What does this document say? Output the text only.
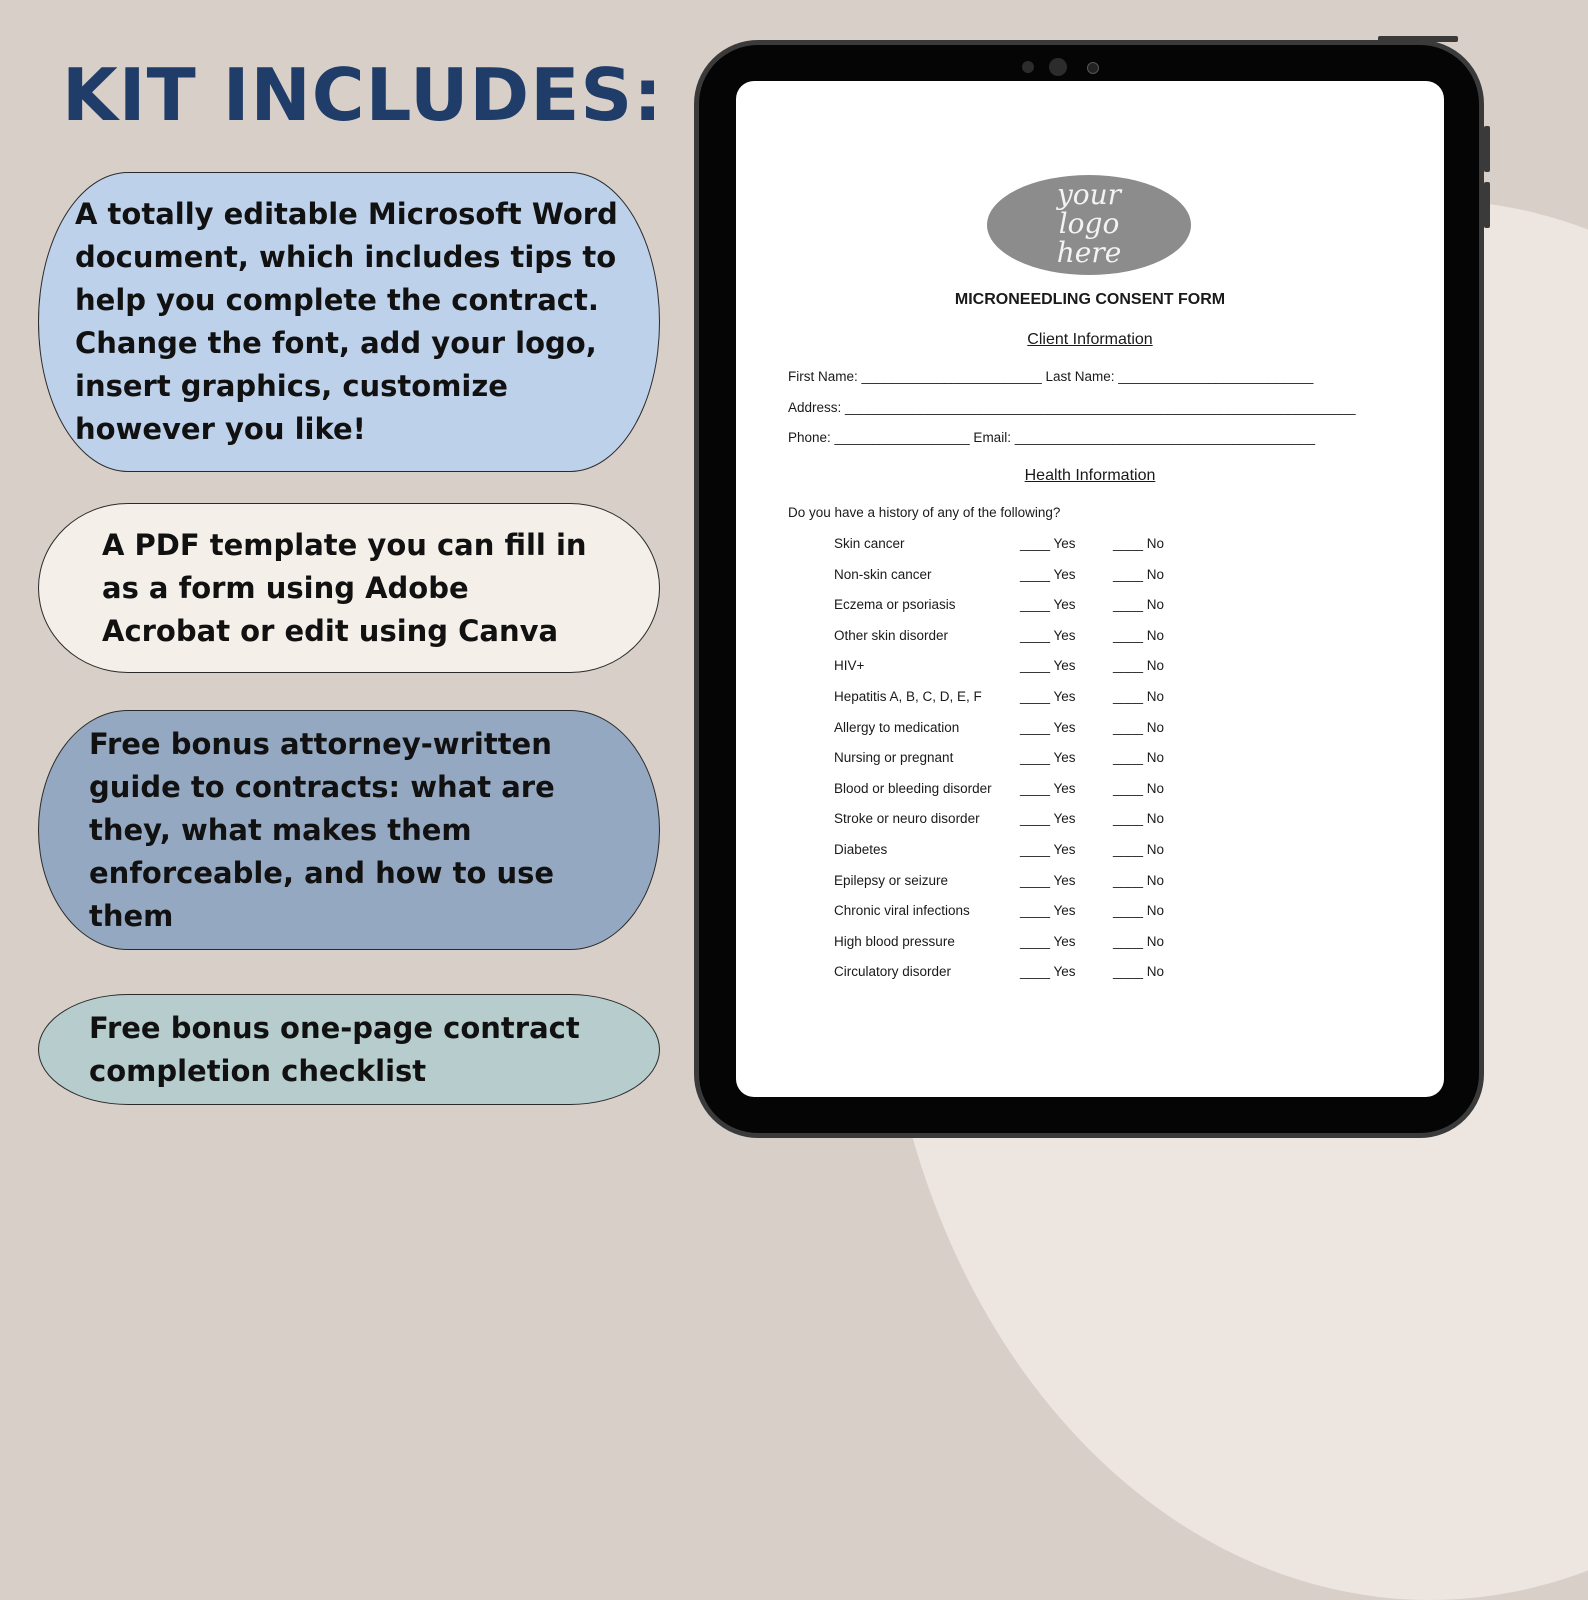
KIT INCLUDES:
A totally editable Microsoft Word
document, which includes tips to
help you complete the contract.
Change the font, add your logo,
insert graphics, customize
however you like!
A PDF template you can fill in
as a form using Adobe
Acrobat or edit using Canva
Free bonus attorney-written
guide to contracts: what are
they, what makes them
enforceable, and how to use
them
Free bonus one-page contract
completion checklist
your
logo
here
MICRONEEDLING CONSENT FORM
Client Information
First Name: ________________________ Last Name: __________________________
Address: ____________________________________________________________________
Phone: __________________ Email: ________________________________________
Health Information
Do you have a history of any of the following?
Skin cancer	____ Yes	____ No
Non-skin cancer	____ Yes	____ No
Eczema or psoriasis	____ Yes	____ No
Other skin disorder	____ Yes	____ No
HIV+	____ Yes	____ No
Hepatitis A, B, C, D, E, F	____ Yes	____ No
Allergy to medication	____ Yes	____ No
Nursing or pregnant	____ Yes	____ No
Blood or bleeding disorder ____ Yes	____ No
Stroke or neuro disorder	____ Yes	____ No
Diabetes	____ Yes	____ No
Epilepsy or seizure	____ Yes	____ No
Chronic viral infections	____ Yes	____ No
High blood pressure	____ Yes	____ No
Circulatory disorder	____ Yes	____ No
